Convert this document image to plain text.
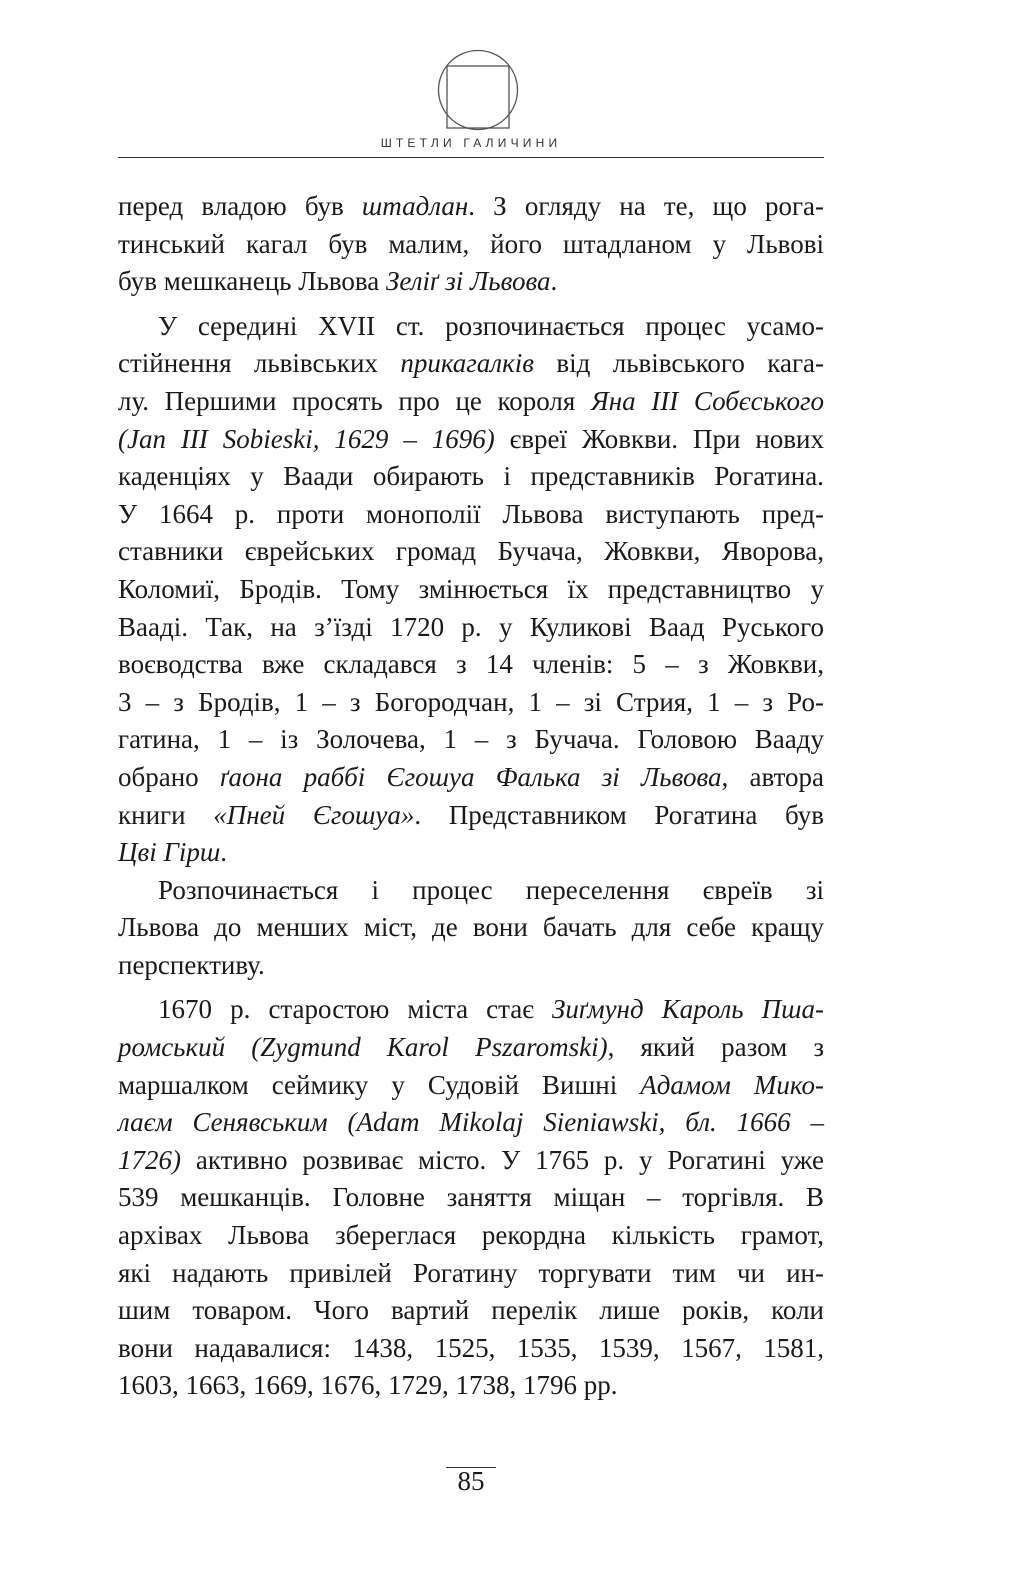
ШТЕТЛИ ГАЛИЧИНИ
перед владою був штадлан. З огляду на те, що рога-
тинський кагал був малим, його штадланом у Львові
був мешканець Львова Зеліґ зі Львова.
У середині XVII ст. розпочинається процес усамо-
стійнення львівських прикагалків від львівського кага-
лу. Першими просять про це короля Яна III Собєського
(Jan III Sobieski, 1629 – 1696) євреї Жовкви. При нових
каденціях у Ваади обирають і представників Рогатина.
У 1664 р. проти монополії Львова виступають пред-
ставники єврейських громад Бучача, Жовкви, Яворова,
Коломиї, Бродів. Тому змінюється їх представництво у
Вааді. Так, на з’їзді 1720 р. у Куликові Ваад Руського
воєводства вже складався з 14 членів: 5 – з Жовкви,
3 – з Бродів, 1 – з Богородчан, 1 – зі Стрия, 1 – з Ро-
гатина, 1 – із Золочева, 1 – з Бучача. Головою Вааду
обрано ґаона раббі Єгошуа Фалька зі Львова, автора
книги «Пней Єгошуа». Представником Рогатина був
Цві Гірш.
Розпочинається і процес переселення євреїв зі
Львова до менших міст, де вони бачать для себе кращу
перспективу.
1670 р. старостою міста стає Зиґмунд Кароль Пша-
ромський (Zygmund Karol Pszaromski), який разом з
маршалком сеймику у Судовій Вишні Адамом Мико-
лаєм Сенявським (Adam Mikolaj Sieniawski, бл. 1666 –
1726) активно розвиває місто. У 1765 р. у Рогатині уже
539 мешканців. Головне заняття міщан – торгівля. В
архівах Львова збереглася рекордна кількість грамот,
які надають привілей Рогатину торгувати тим чи ин-
шим товаром. Чого вартий перелік лише років, коли
вони надавалися: 1438, 1525, 1535, 1539, 1567, 1581,
1603, 1663, 1669, 1676, 1729, 1738, 1796 рр.
85
